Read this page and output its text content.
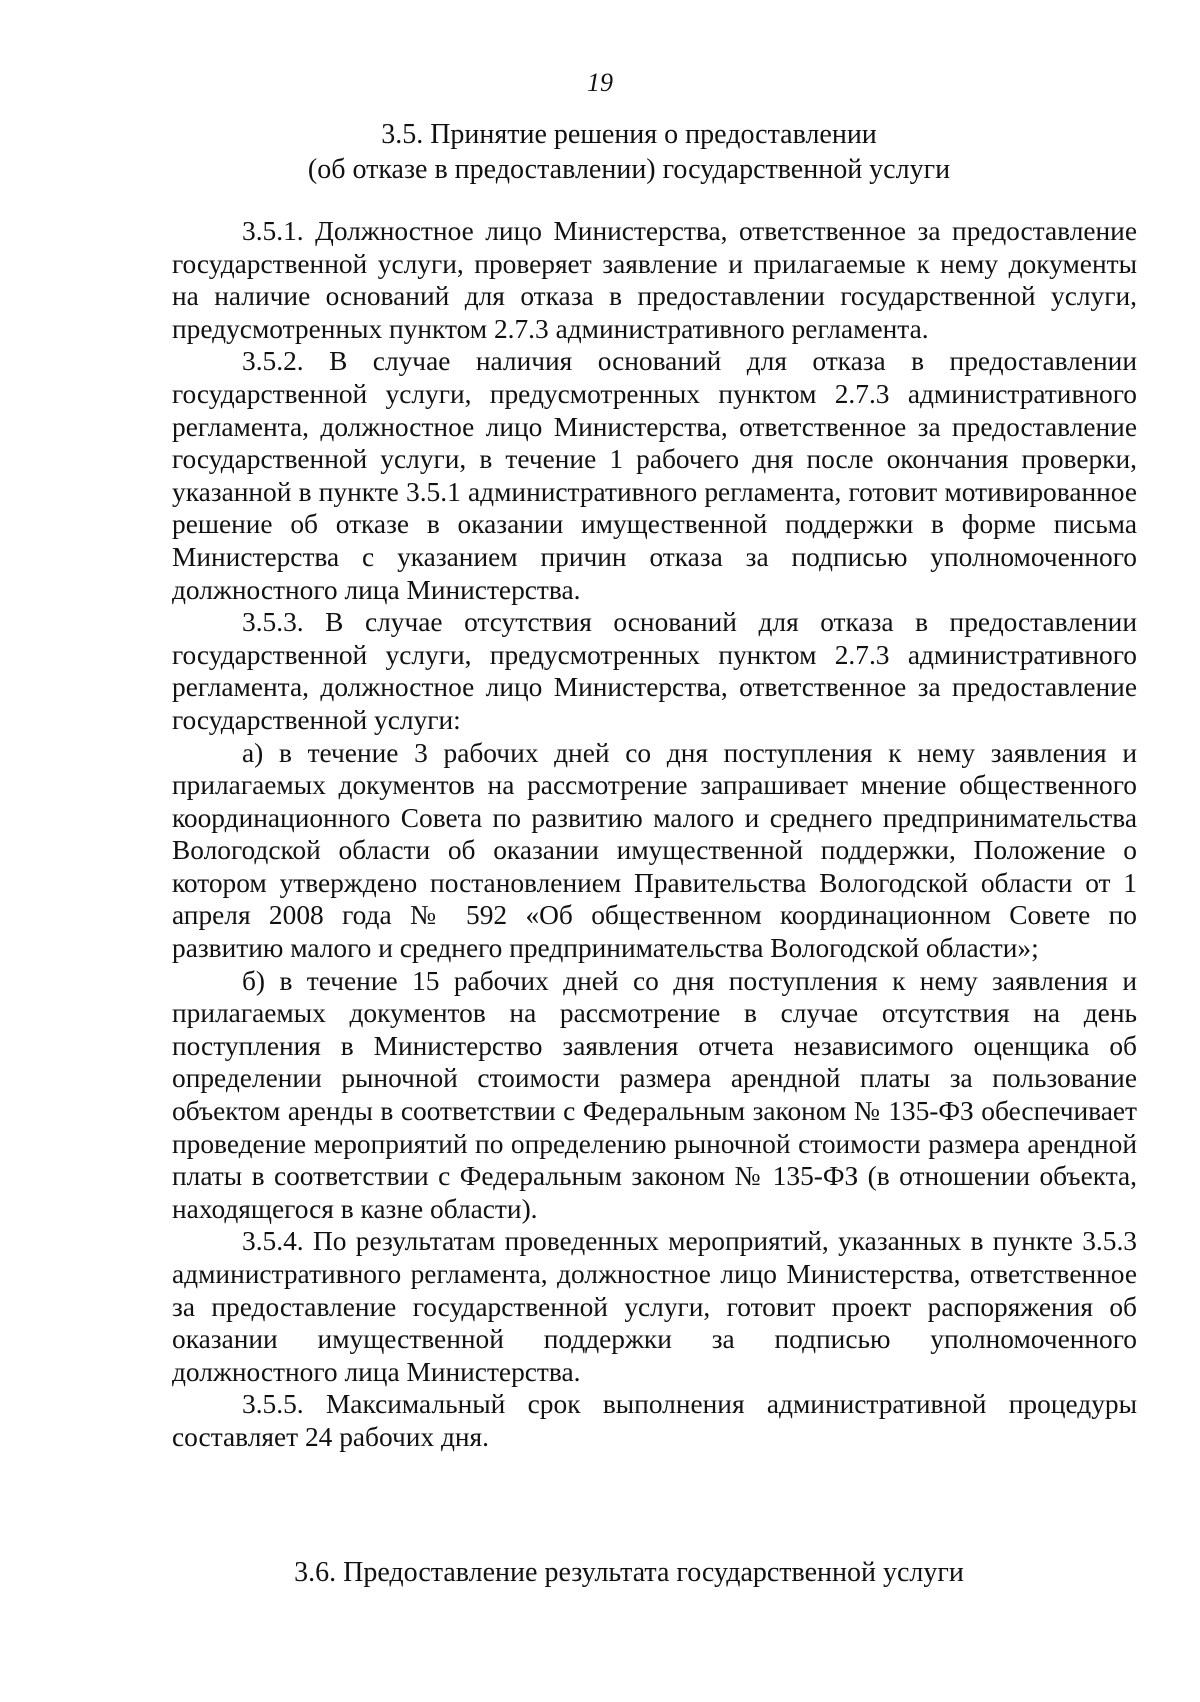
19
3.5. Принятие решения о предоставлении
(об отказе в предоставлении) государственной услуги

3.5.1. Должностное лицо Министерства, ответственное за предоставление государственной услуги, проверяет заявление и прилагаемые к нему документы на наличие оснований для отказа в предоставлении государственной услуги, предусмотренных пунктом 2.7.3 административного регламента.

3.5.2. В случае наличия оснований для отказа в предоставлении государственной услуги, предусмотренных пунктом 2.7.3 административного регламента, должностное лицо Министерства, ответственное за предоставление государственной услуги, в течение 1 рабочего дня после окончания проверки, указанной в пункте 3.5.1 административного регламента, готовит мотивированное решение об отказе в оказании имущественной поддержки в форме письма Министерства с указанием причин отказа за подписью уполномоченного должностного лица Министерства.

3.5.3. В случае отсутствия оснований для отказа в предоставлении государственной услуги, предусмотренных пунктом 2.7.3 административного регламента, должностное лицо Министерства, ответственное за предоставление государственной услуги:

а) в течение 3 рабочих дней со дня поступления к нему заявления и прилагаемых документов на рассмотрение запрашивает мнение общественного координационного Совета по развитию малого и среднего предпринимательства Вологодской области об оказании имущественной поддержки, Положение о котором утверждено постановлением Правительства Вологодской области от 1 апреля 2008 года № 592 «Об общественном координационном Совете по развитию малого и среднего предпринимательства Вологодской области»;

б) в течение 15 рабочих дней со дня поступления к нему заявления и прилагаемых документов на рассмотрение в случае отсутствия на день поступления в Министерство заявления отчета независимого оценщика об определении рыночной стоимости размера арендной платы за пользование объектом аренды в соответствии с Федеральным законом № 135-ФЗ обеспечивает проведение мероприятий по определению рыночной стоимости размера арендной платы в соответствии с Федеральным законом № 135-ФЗ (в отношении объекта, находящегося в казне области).

3.5.4. По результатам проведенных мероприятий, указанных в пункте 3.5.3 административного регламента, должностное лицо Министерства, ответственное за предоставление государственной услуги, готовит проект распоряжения об оказании имущественной поддержки за подписью уполномоченного должностного лица Министерства.

3.5.5. Максимальный срок выполнения административной процедуры составляет 24 рабочих дня.

3.6. Предоставление результата государственной услуги
